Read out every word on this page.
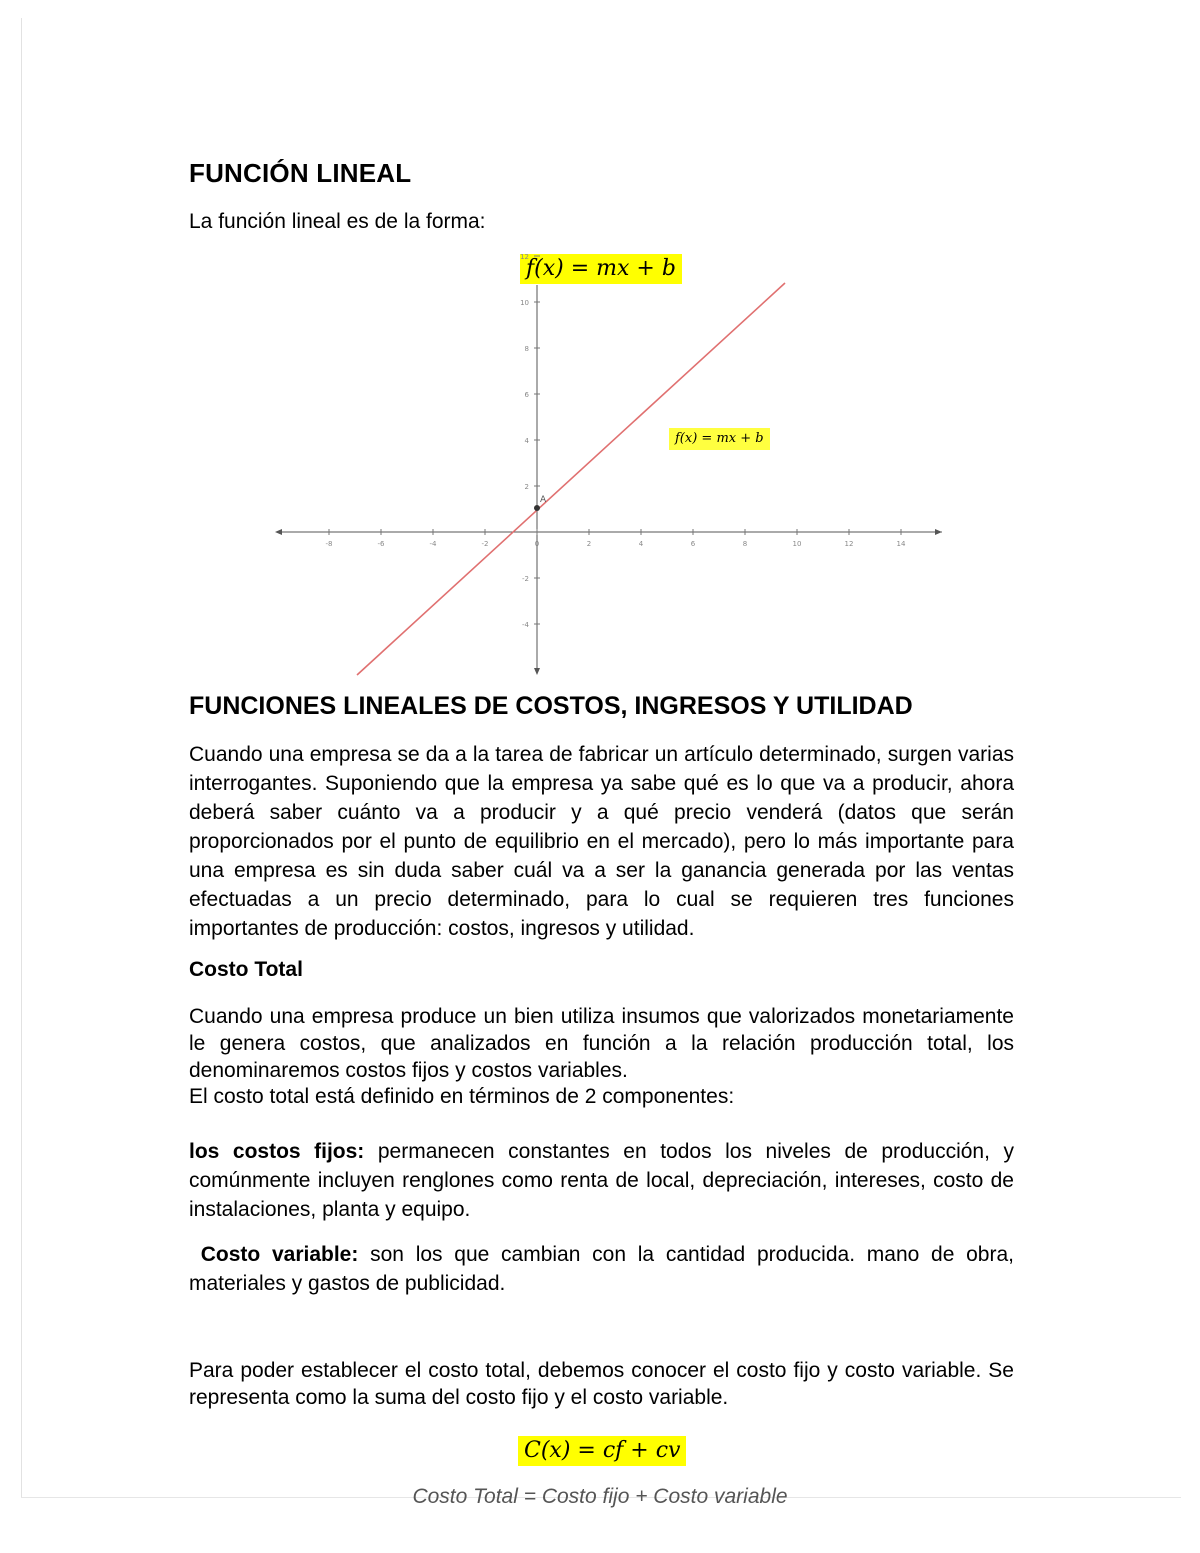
FUNCIÓN LINEAL

La función lineal es de la forma:

f(x) = mx + b
-8	-6	-4	-2	0	2	4	6	8	10	12	14
12
10
8
6
4
2
-2
-4
A
f(x) = mx + b
FUNCIONES LINEALES DE COSTOS, INGRESOS Y UTILIDAD

Cuando una empresa se da a la tarea de fabricar un artículo determinado, surgen varias interrogantes. Suponiendo que la empresa ya sabe qué es lo que va a producir, ahora deberá saber cuánto va a producir y a qué precio venderá (datos que serán proporcionados por el punto de equilibrio en el mercado), pero lo más importante para una empresa es sin duda saber cuál va a ser la ganancia generada por las ventas efectuadas a un precio determinado, para lo cual se requieren tres funciones importantes de producción: costos, ingresos y utilidad.

Costo Total

Cuando una empresa produce un bien utiliza insumos que valorizados monetariamente le genera costos, que analizados en función a la relación producción total, los denominaremos costos fijos y costos variables.

El costo total está definido en términos de 2 componentes:

los costos fijos: permanecen constantes en todos los niveles de producción, y comúnmente incluyen renglones como renta de local, depreciación, intereses, costo de instalaciones, planta y equipo.

Costo variable: son los que cambian con la cantidad producida. mano de obra, materiales y gastos de publicidad.

Para poder establecer el costo total, debemos conocer el costo fijo y costo variable. Se representa como la suma del costo fijo y el costo variable.

C(x) = cf + cv
Costo Total = Costo fijo + Costo variable
